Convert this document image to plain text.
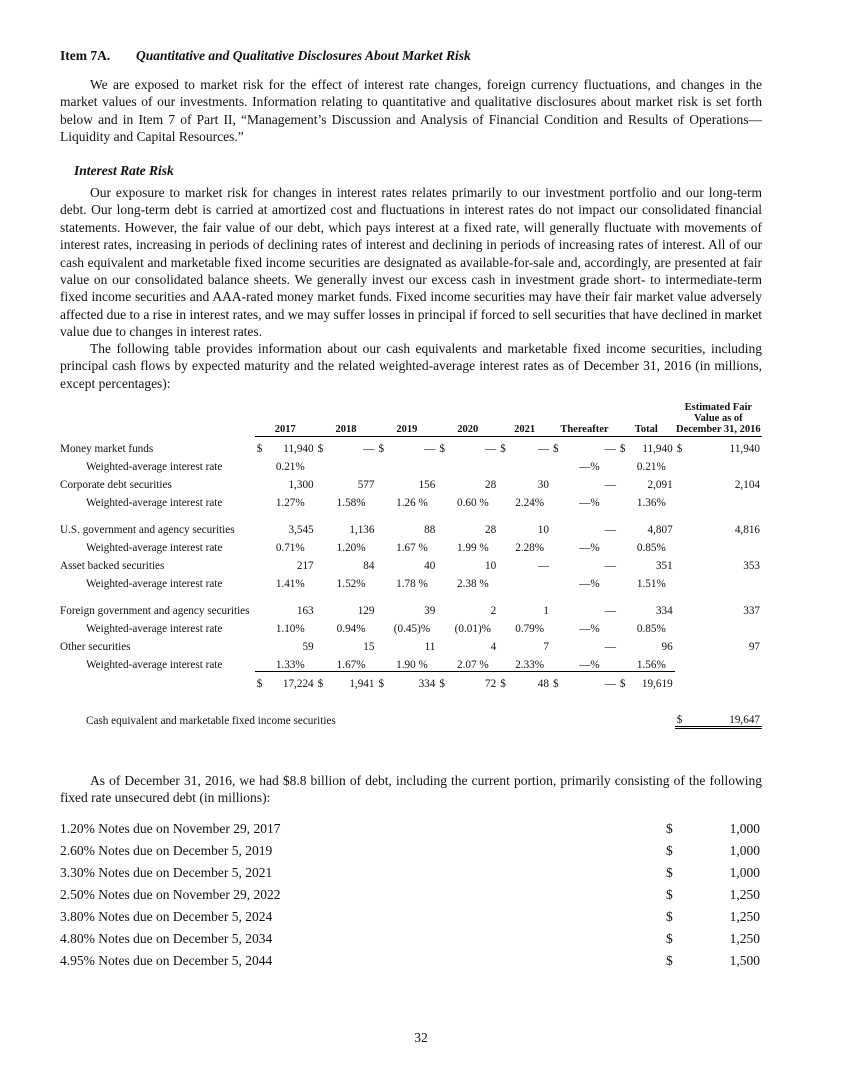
Item 7A. Quantitative and Qualitative Disclosures About Market Risk

We are exposed to market risk for the effect of interest rate changes, foreign currency fluctuations, and changes in the market values of our investments. Information relating to quantitative and qualitative disclosures about market risk is set forth below and in Item 7 of Part II, “Management’s Discussion and Analysis of Financial Condition and Results of Operations—Liquidity and Capital Resources.”

Interest Rate Risk

Our exposure to market risk for changes in interest rates relates primarily to our investment portfolio and our long-term debt. Our long-term debt is carried at amortized cost and fluctuations in interest rates do not impact our consolidated financial statements. However, the fair value of our debt, which pays interest at a fixed rate, will generally fluctuate with movements of interest rates, increasing in periods of declining rates of interest and declining in periods of increasing rates of interest. All of our cash equivalent and marketable fixed income securities are designated as available-for-sale and, accordingly, are presented at fair value on our consolidated balance sheets. We generally invest our excess cash in investment grade short- to intermediate-term fixed income securities and AAA-rated money market funds. Fixed income securities may have their fair market value adversely affected due to a rise in interest rates, and we may suffer losses in principal if forced to sell securities that have declined in market value due to changes in interest rates.

The following table provides information about our cash equivalents and marketable fixed income securities, including principal cash flows by expected maturity and the related weighted-average interest rates as of December 31, 2016 (in millions, except percentages):

	2017		2018		2019		2020		2021		Thereafter		Total		Estimated Fair Value as of December 31, 2016	
Money market funds	$	11,940	$	—	$	—	$	—	$	—	$	—	$	11,940	$	11,940
Weighted-average interest rate		0.21%										—%		0.21%		
Corporate debt securities		1,300		577		156		28		30		—		2,091		2,104
Weighted-average interest rate		1.27%		1.58%		1.26 %		0.60 %		2.24%		—%		1.36%		
U.S. government and agency securities		3,545		1,136		88		28		10		—		4,807		4,816
Weighted-average interest rate		0.71%		1.20%		1.67 %		1.99 %		2.28%		—%		0.85%		
Asset backed securities		217		84		40		10		—		—		351		353
Weighted-average interest rate		1.41%		1.52%		1.78 %		2.38 %				—%		1.51%		
Foreign government and agency securities		163		129		39		2		1		—		334		337
Weighted-average interest rate		1.10%		0.94%		(0.45)%		(0.01)%		0.79%		—%		0.85%		
Other securities		59		15		11		4		7		—		96		97
Weighted-average interest rate		1.33%		1.67%		1.90 %		2.07 %		2.33%		—%		1.56%		
	$	17,224	$	1,941	$	334	$	72	$	48	$	—	$	19,619		
Cash equivalent and marketable fixed income securities															$	19,647

As of December 31, 2016, we had $8.8 billion of debt, including the current portion, primarily consisting of the following fixed rate unsecured debt (in millions):

1.20% Notes due on November 29, 2017	$	1,000
2.60% Notes due on December 5, 2019	$	1,000
3.30% Notes due on December 5, 2021	$	1,000
2.50% Notes due on November 29, 2022	$	1,250
3.80% Notes due on December 5, 2024	$	1,250
4.80% Notes due on December 5, 2034	$	1,250
4.95% Notes due on December 5, 2044	$	1,500
32
